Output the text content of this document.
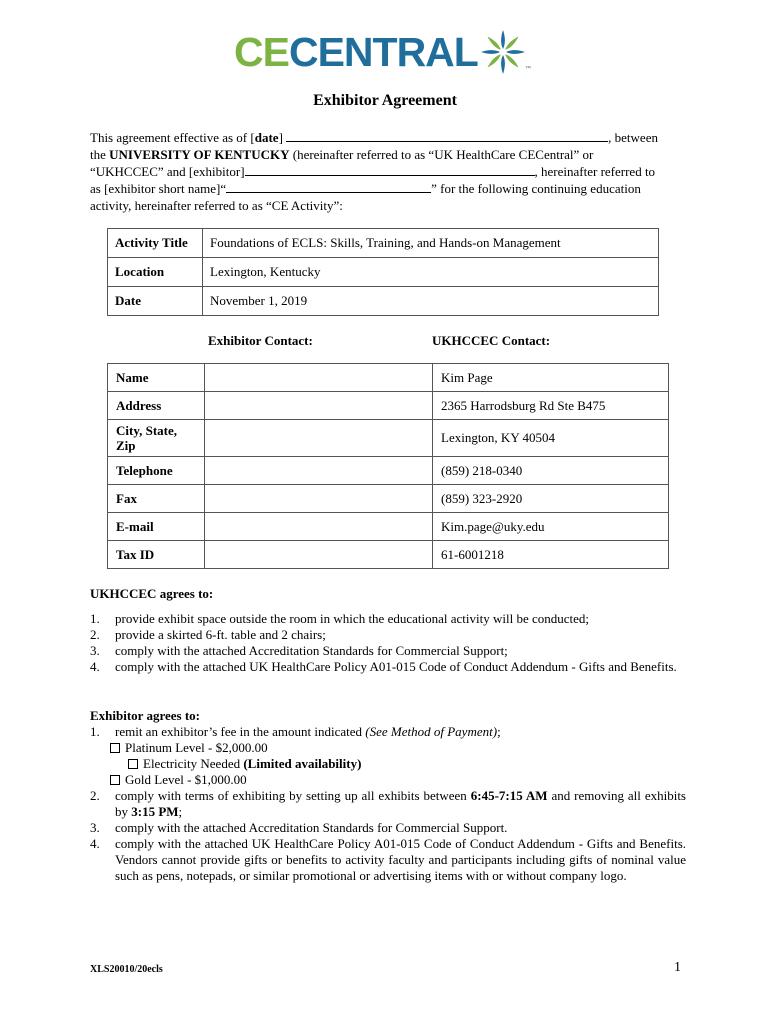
CECENTRAL	™
Exhibitor Agreement

This agreement effective as of [date]	, between

the UNIVERSITY OF KENTUCKY (hereinafter referred to as “UK HealthCare CECentral” or

“UKHCCEC” and [exhibitor]	, hereinafter referred to

as [exhibitor short name]“	” for the following continuing education

activity, hereinafter referred to as “CE Activity”:

Activity Title	Foundations of ECLS: Skills, Training, and Hands-on Management
Location	Lexington, Kentucky
Date	November 1, 2019
Exhibitor Contact:	UKHCCEC Contact:
Name		Kim Page
Address		2365 Harrodsburg Rd Ste B475
City, State, Zip		Lexington, KY 40504
Telephone		(859) 218-0340
Fax		(859) 323-2920
E-mail		Kim.page@uky.edu
Tax ID		61-6001218
UKHCCEC agrees to:
1. provide exhibit space outside the room in which the educational activity will be conducted;
2. provide a skirted 6-ft. table and 2 chairs;
3. comply with the attached Accreditation Standards for Commercial Support;
4. comply with the attached UK HealthCare Policy A01-015 Code of Conduct Addendum - Gifts and Benefits.
Exhibitor agrees to:
1. remit an exhibitor’s fee in the amount indicated (See Method of Payment);
Platinum Level - $2,000.00
Electricity Needed (Limited availability)
Gold Level - $1,000.00
2. comply with terms of exhibiting by setting up all exhibits between 6:45-7:15 AM and removing all exhibits by 3:15 PM;
3. comply with the attached Accreditation Standards for Commercial Support.
4. comply with the attached UK HealthCare Policy A01-015 Code of Conduct Addendum - Gifts and Benefits. Vendors cannot provide gifts or benefits to activity faculty and participants including gifts of nominal value such as pens, notepads, or similar promotional or advertising items with or without company logo.
XLS20010/20ecls	1
